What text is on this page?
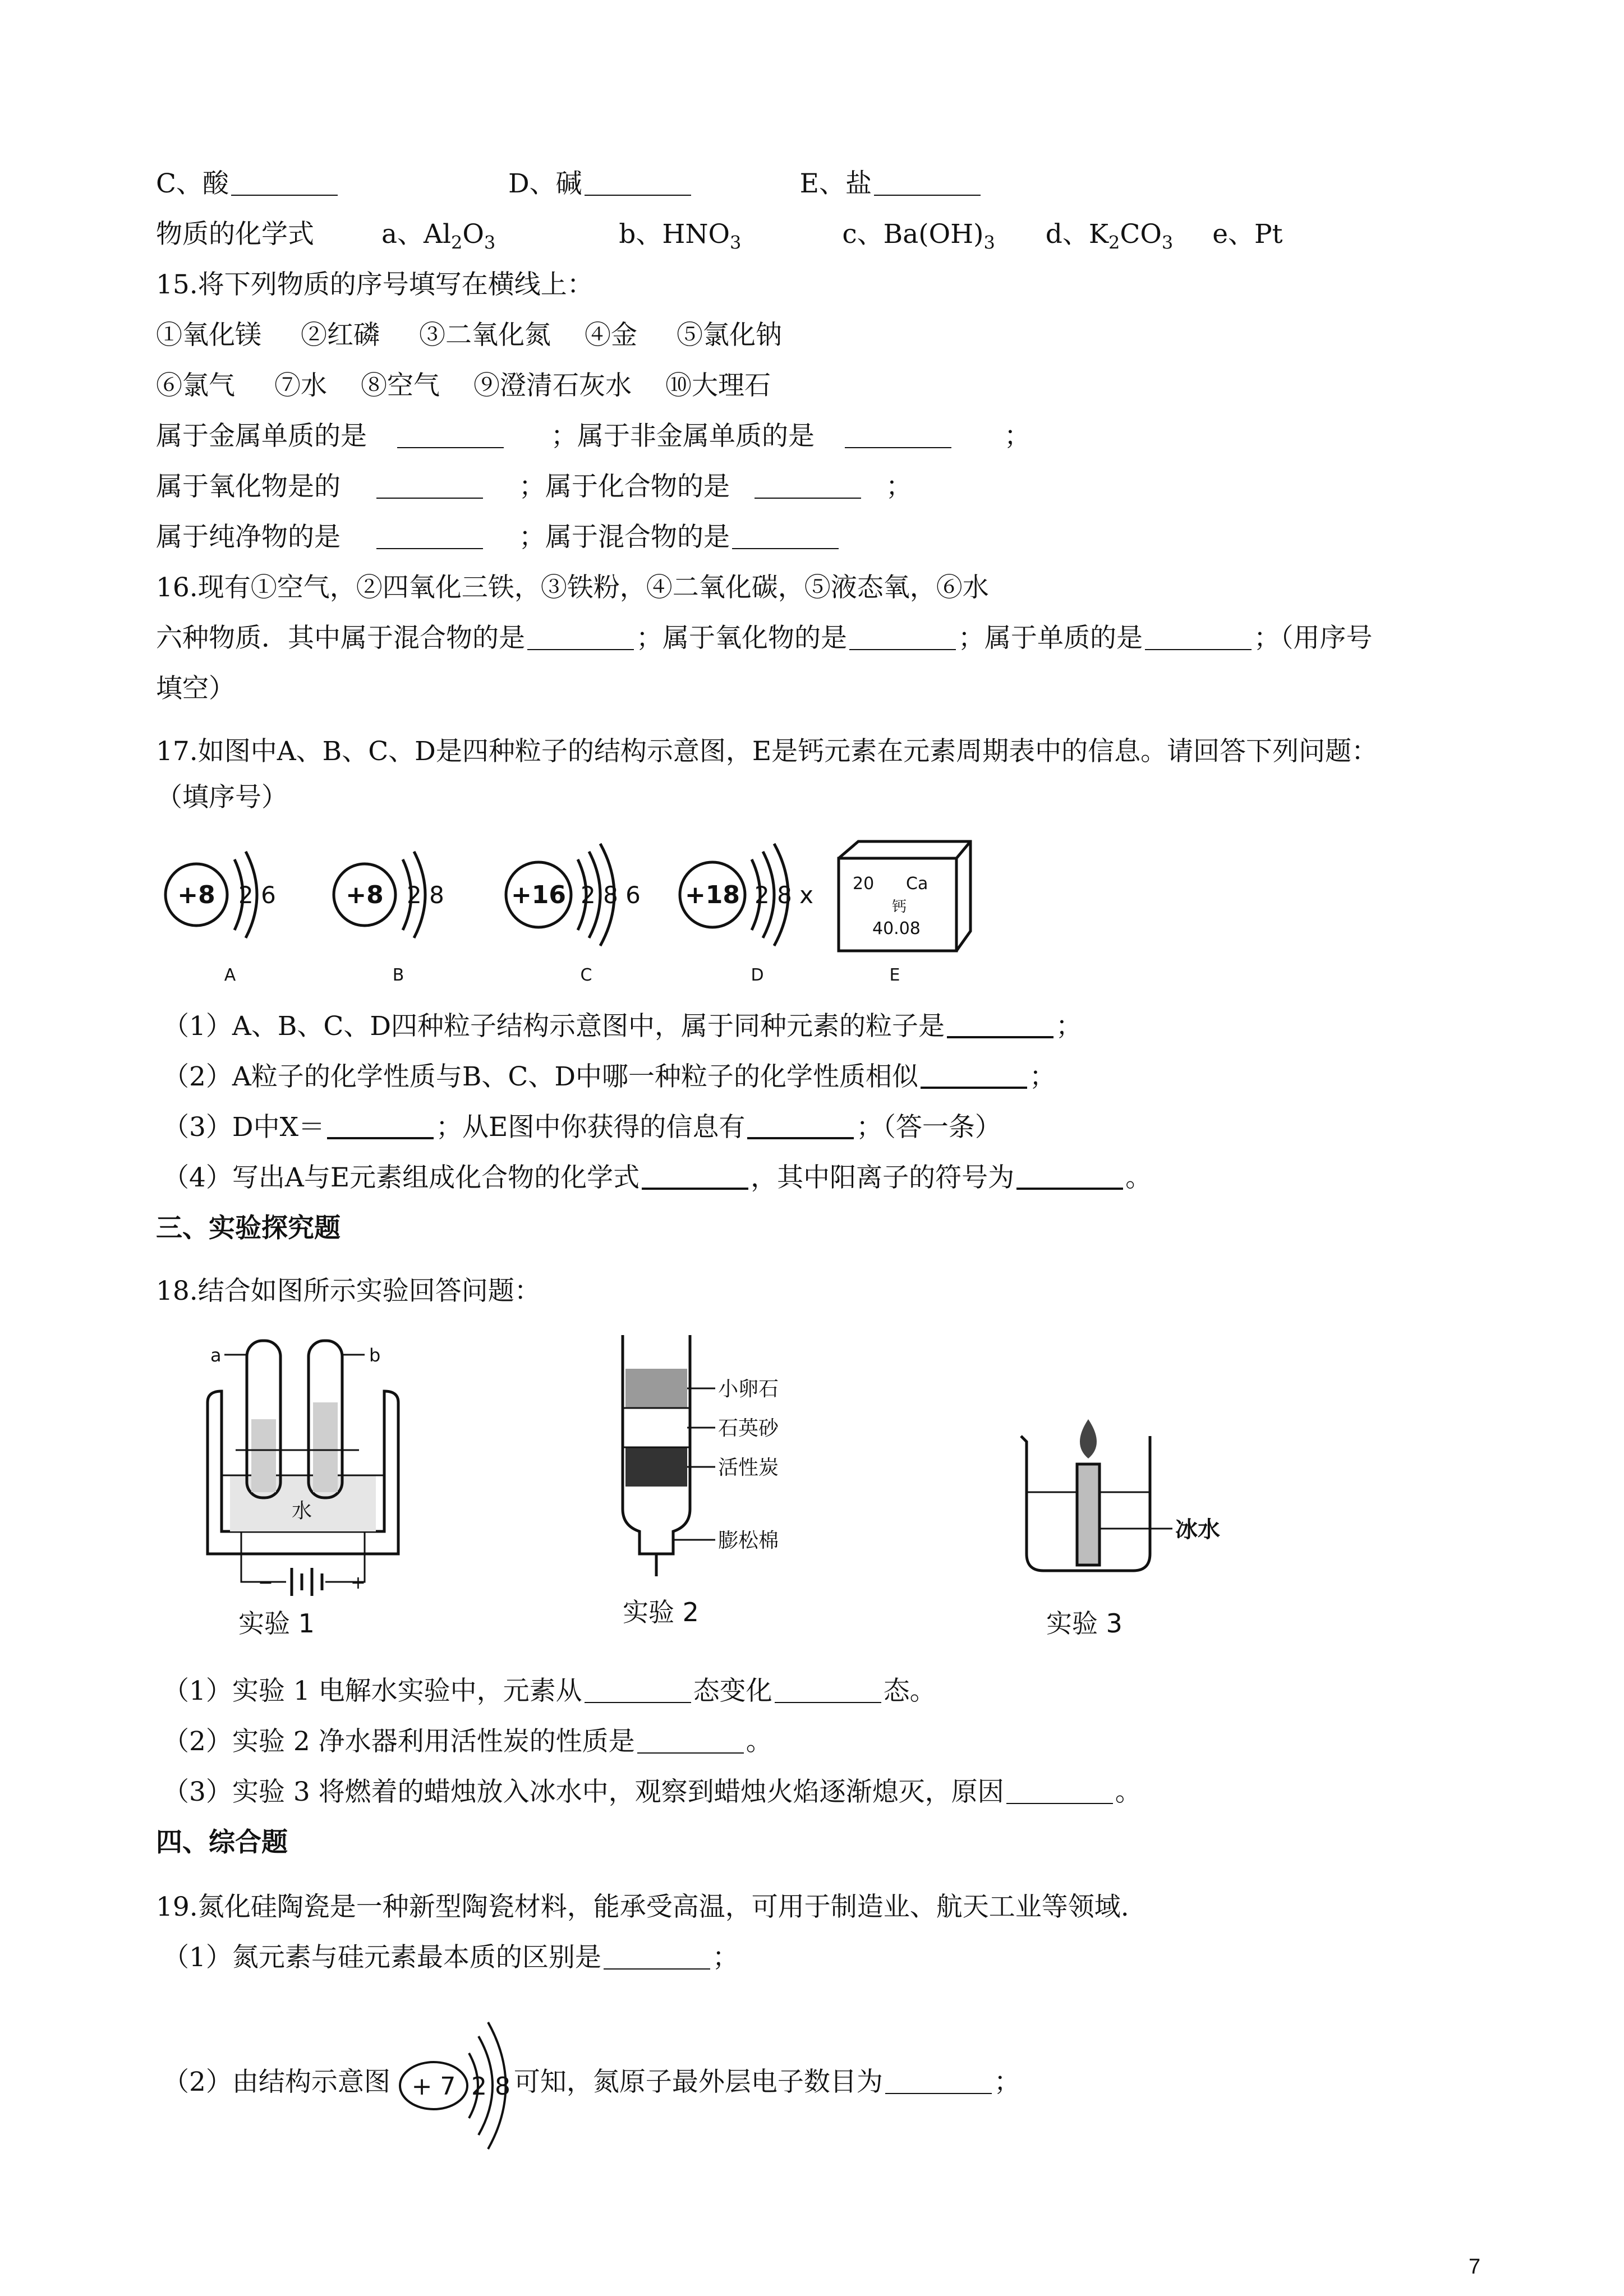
C、酸	D、碱	E、盐
物质的化学式	a、$Al_2O_3$	b、$HNO_3$	c、$Ba(OH)_3$ d、$K_2CO_3$ e、Pt
15.将下列物质的序号填写在横线上：
①氧化镁 ②红磷 ③二氧化氮 ④金 ⑤氯化钠
⑥氯气 ⑦水 ⑧空气 ⑨澄清石灰水 ⑩大理石
属于金属单质的是	；属于非金属单质的是	；
属于氧化物是的	；属于化合物的是	；
属于纯净物的是	；属于混合物的是
16.现有①空气，②四氧化三铁，③铁粉，④二氧化碳，⑤液态氧，⑥水
六种物质．其中属于混合物的是	；属于氧化物的是	；属于单质的是	；（用序号
填空）
17.如图中A、B、C、D是四种粒子的结构示意图，E是钙元素在元素周期表中的信息。请回答下列问题：
（填序号）
+8	+8	+16	+18
2 6	2 8	2 8 6	2 8 x 20 Ca
钙
40.08
A	B	C	D	E
（1）A、B、C、D四种粒子结构示意图中，属于同种元素的粒子是	；
（2）A粒子的化学性质与B、C、D中哪一种粒子的化学性质相似	；
（3）D中X＝	；从E图中你获得的信息有	；（答一条）
（4）写出A与E元素组成化合物的化学式	，其中阳离子的符号为	。
三、实验探究题
18.结合如图所示实验回答问题：
a	b
水
−	+
实验 1
小卵石
石英砂
活性炭
膨松棉
实验 2
冰水
实验 3
（1）实验 1 电解水实验中，元素从	态变化	态。
（2）实验 2 净水器利用活性炭的性质是	。
（3）实验 3 将燃着的蜡烛放入冰水中，观察到蜡烛火焰逐渐熄灭，原因	。
四、综合题
19.氮化硅陶瓷是一种新型陶瓷材料，能承受高温，可用于制造业、航天工业等领域.
（1）氮元素与硅元素最本质的区别是	；
（2）由结构示意图	可知，氮原子最外层电子数目为	；
+ 7 2 8
7
